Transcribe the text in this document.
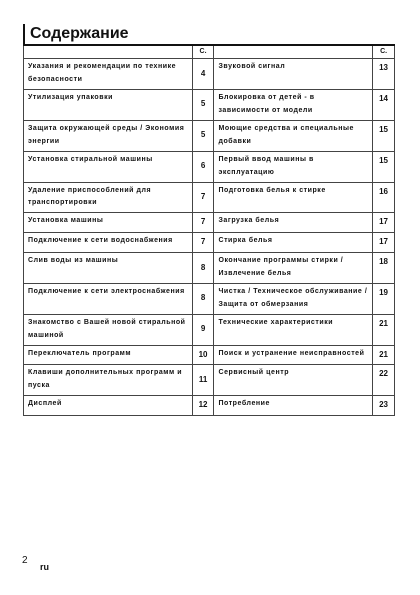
Содержание
	С.		С.
Указания и рекомендации по технике безопасности	4	Звуковой сигнал	13
Утилизация упаковки	5	Блокировка от детей - в зависимости от модели	14
Защита окружающей среды / Экономия энергии	5	Моющие средства и специальные добавки	15
Установка стиральной машины	6	Первый ввод машины в эксплуатацию	15
Удаление приспособлений для транспортировки	7	Подготовка белья к стирке	16
Установка машины	7	Загрузка белья	17
Подключение к сети водоснабжения	7	Стирка белья	17
Слив воды из машины	8	Окончание программы стирки / Извлечение белья	18
Подключение к сети электроснабжения	8	Чистка / Техническое обслуживание / Защита от обмерзания	19
Знакомство с Вашей новой стиральной машиной	9	Технические характеристики	21
Переключатель программ	10	Поиск и устранение неисправностей	21
Клавиши дополнительных программ и пуска	11	Сервисный центр	22
Дисплей	12	Потребление	23
2
ru
